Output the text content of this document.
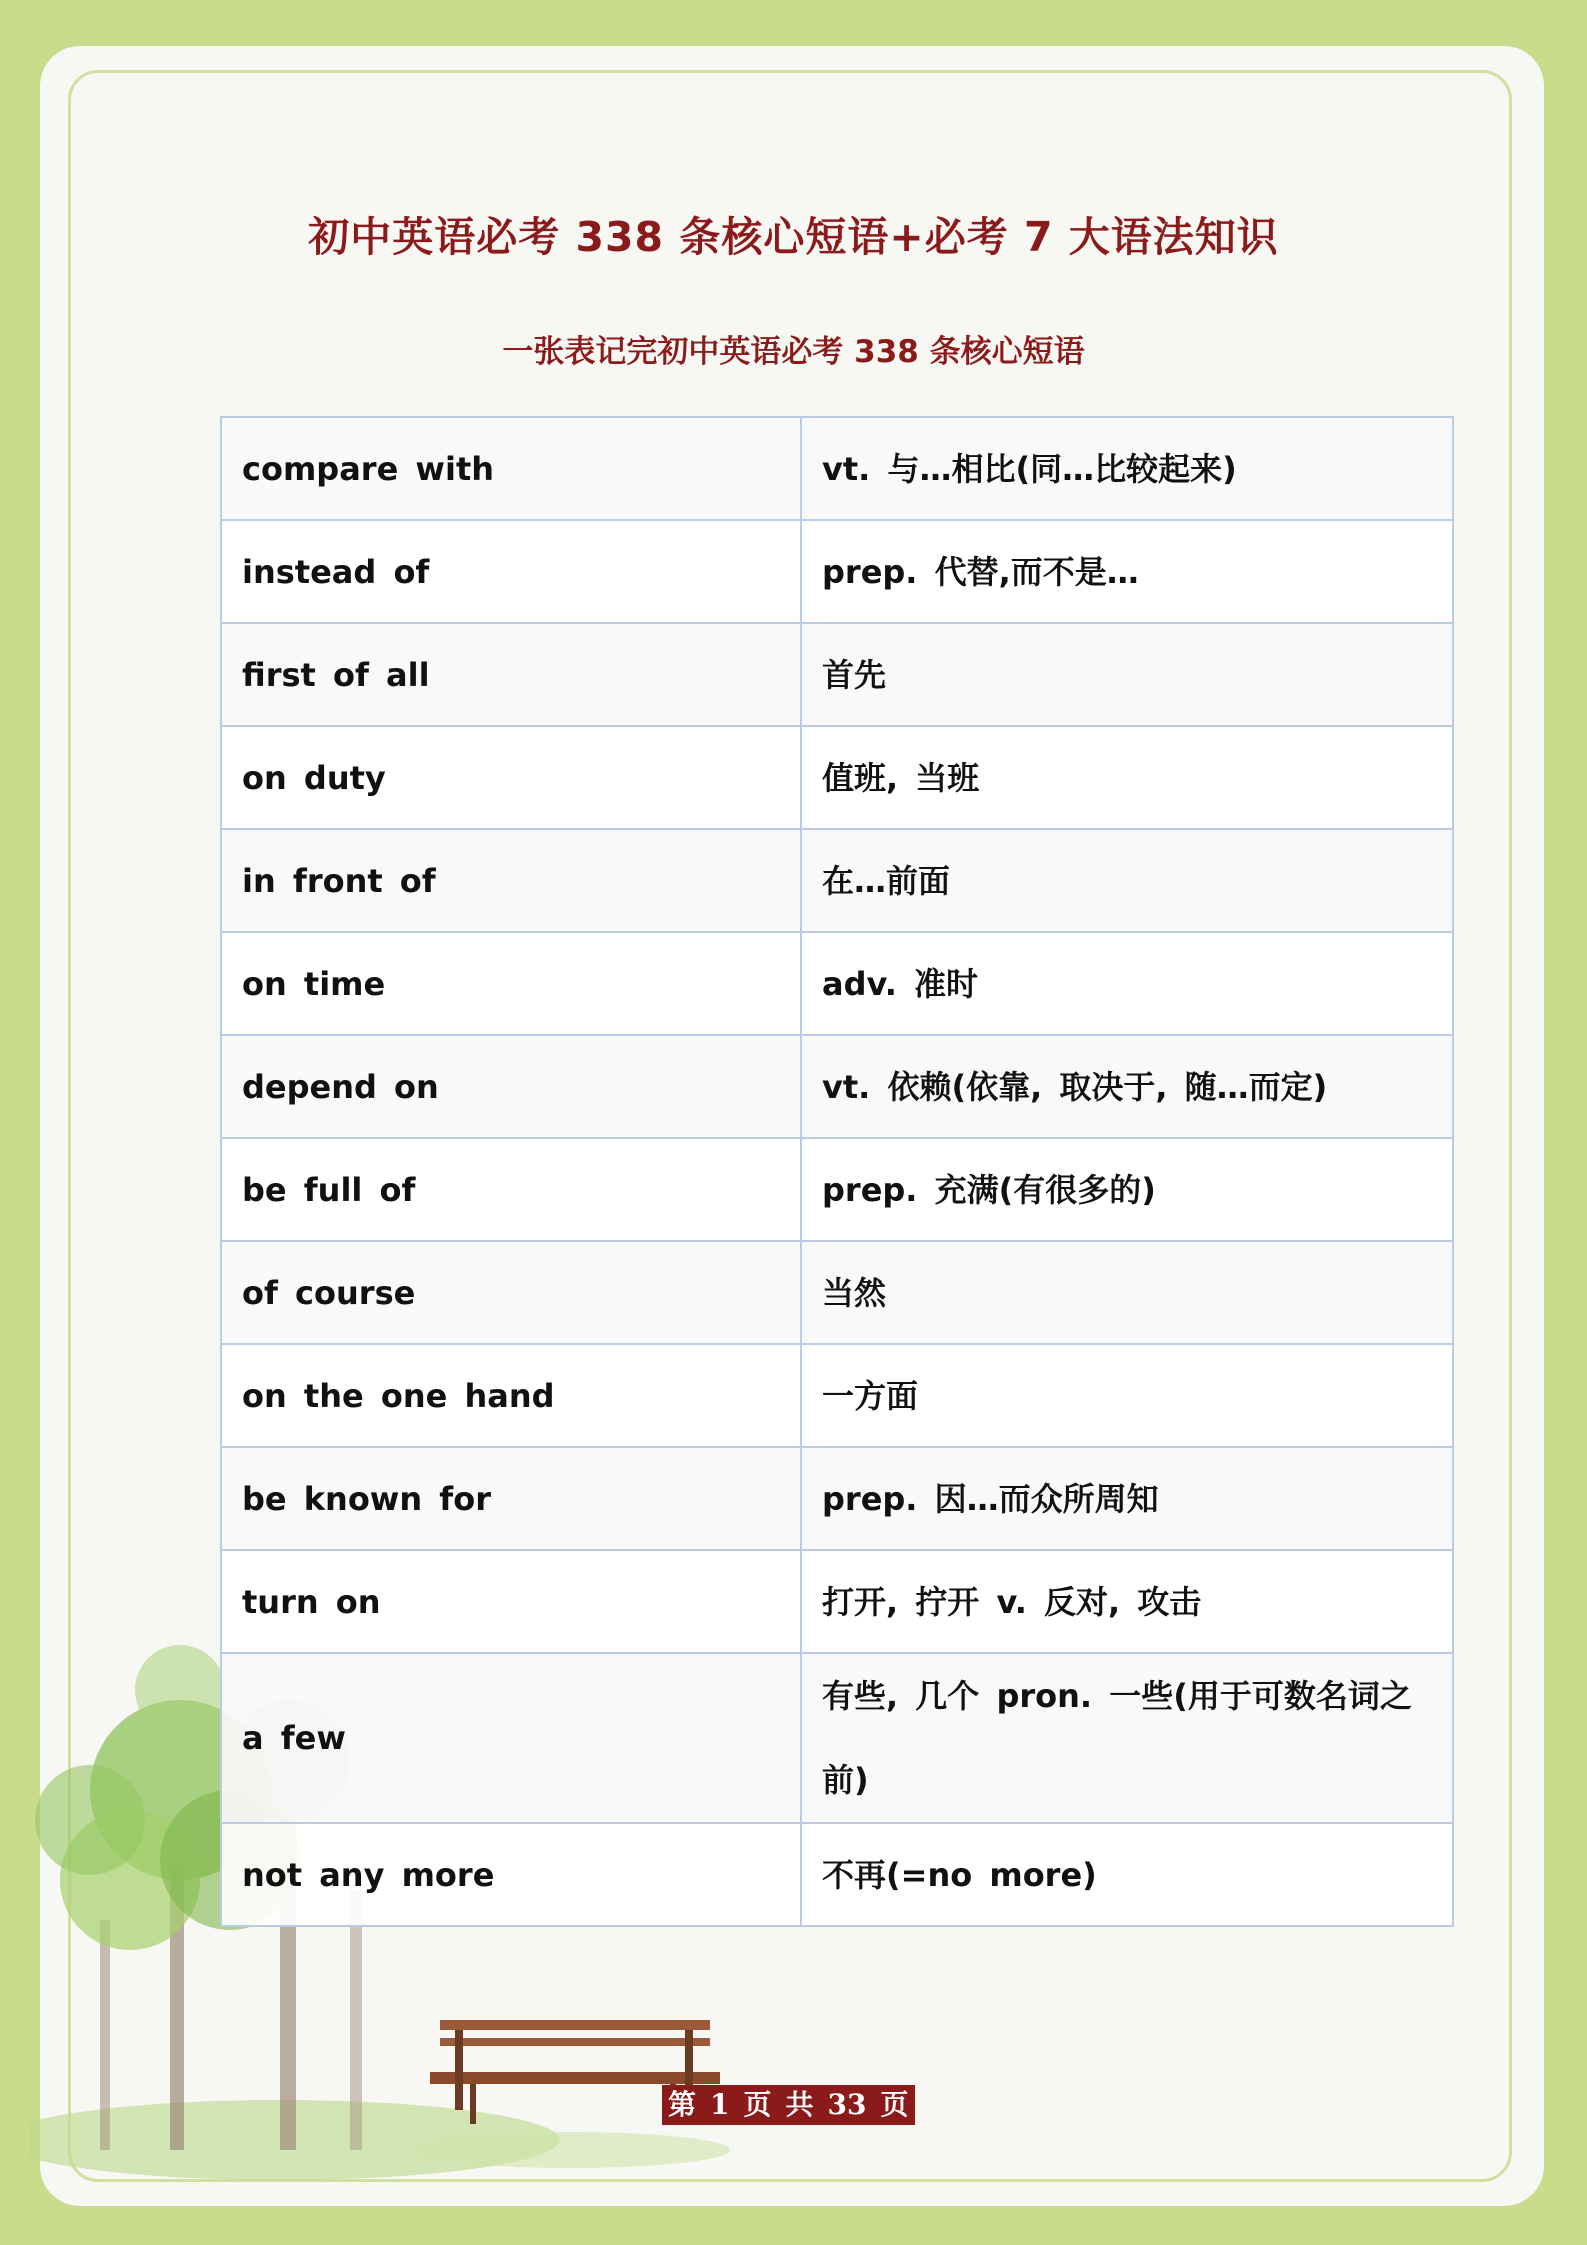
初中英语必考 338 条核心短语+必考 7 大语法知识
一张表记完初中英语必考 338 条核心短语
compare with	vt. 与…相比(同…比较起来)
instead of	prep. 代替,而不是…
first of all	首先
on duty	值班, 当班
in front of	在…前面
on time	adv. 准时
depend on	vt. 依赖(依靠, 取决于, 随…而定)
be full of	prep. 充满(有很多的)
of course	当然
on the one hand	一方面
be known for	prep. 因…而众所周知
turn on	打开, 拧开 v. 反对, 攻击
a few	有些, 几个 pron. 一些(用于可数名词之前)
not any more	不再(=no more)
第 1 页 共 33 页
